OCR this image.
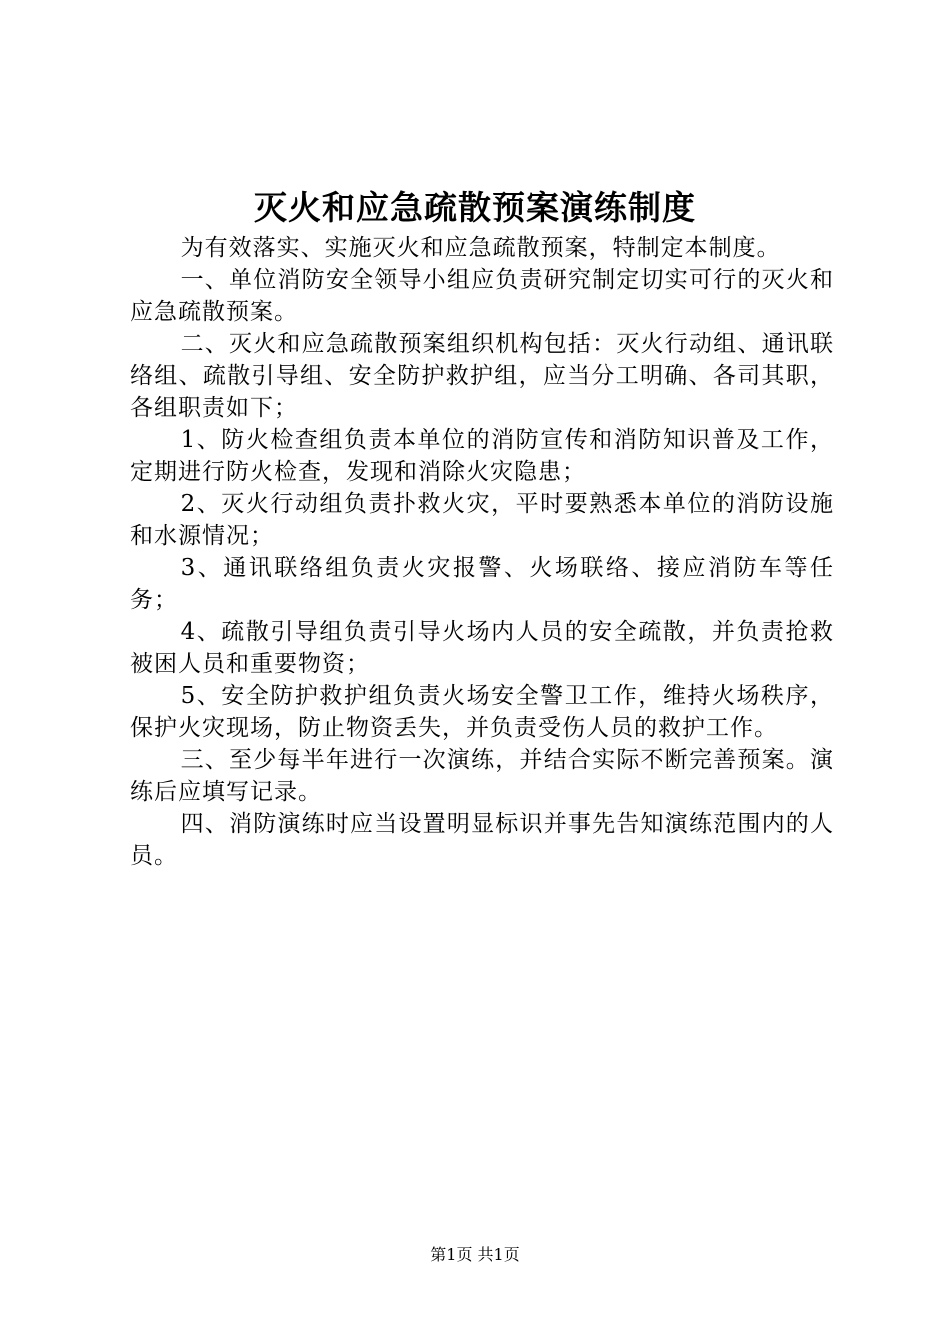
灭火和应急疏散预案演练制度

为有效落实、实施灭火和应急疏散预案，特制定本制度。

一、单位消防安全领导小组应负责研究制定切实可行的灭火和应急疏散预案。

二、灭火和应急疏散预案组织机构包括：灭火行动组、通讯联络组、疏散引导组、安全防护救护组，应当分工明确、各司其职，各组职责如下；

1、防火检查组负责本单位的消防宣传和消防知识普及工作，定期进行防火检查，发现和消除火灾隐患；

2、灭火行动组负责扑救火灾，平时要熟悉本单位的消防设施和水源情况；

3、通讯联络组负责火灾报警、火场联络、接应消防车等任务；

4、疏散引导组负责引导火场内人员的安全疏散，并负责抢救被困人员和重要物资；

5、安全防护救护组负责火场安全警卫工作，维持火场秩序，保护火灾现场，防止物资丢失，并负责受伤人员的救护工作。

三、至少每半年进行一次演练，并结合实际不断完善预案。演练后应填写记录。

四、消防演练时应当设置明显标识并事先告知演练范围内的人员。

第1页 共1页
